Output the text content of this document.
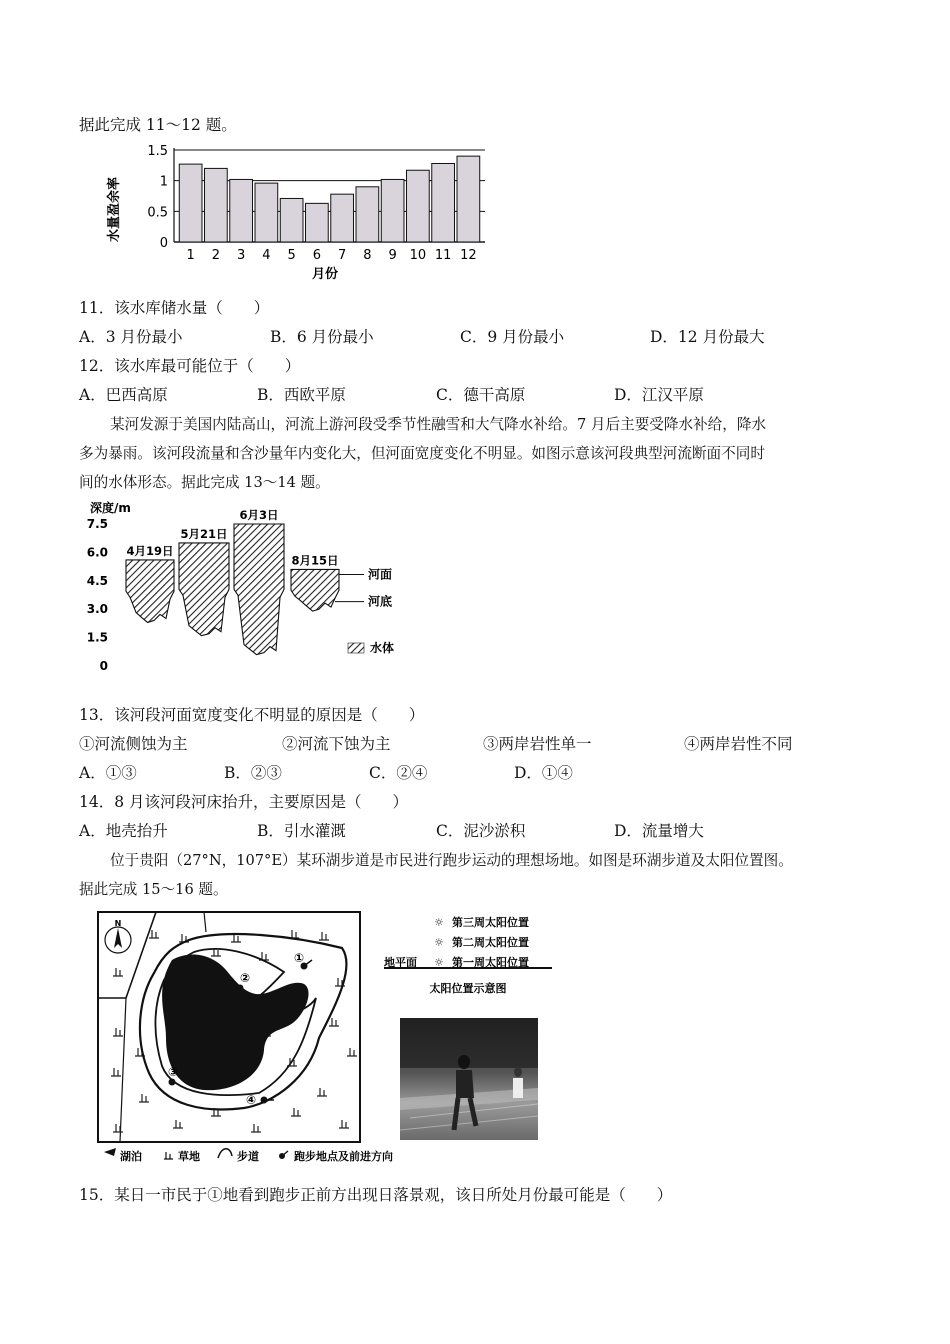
据此完成 11～12 题。
0
0.5
1
1.5
1 2 3 4 5 6 7 8 9 10 11 12
水量盈余率
月份
11．该水库储水量（　　）
A．3 月份最小	B．6 月份最小	C．9 月份最小	D．12 月份最大
12．该水库最可能位于（　　）
A．巴西高原	B．西欧平原	C．德干高原	D．江汉平原
某河发源于美国内陆高山，河流上游河段受季节性融雪和大气降水补给。7 月后主要受降水补给，降水
多为暴雨。该河段流量和含沙量年内变化大，但河面宽度变化不明显。如图示意该河段典型河流断面不同时
间的水体形态。据此完成 13～14 题。
深度/m
0
1.5
3.0
4.5
6.0
7.5
4月19日
5月21日
6月3日
8月15日
河面
河底
水体
13．该河段河面宽度变化不明显的原因是（　　）
①河流侧蚀为主	②河流下蚀为主	③两岸岩性单一	④两岸岩性不同
A．①③	B．②③	C．②④	D．①④
14．8 月该河段河床抬升，主要原因是（　　）
A．地壳抬升	B．引水灌溉	C．泥沙淤积	D．流量增大
位于贵阳（27°N，107°E）某环湖步道是市民进行跑步运动的理想场地。如图是环湖步道及太阳位置图。
据此完成 15～16 题。
N
①
②
③
④
湖泊	草地	步道	跑步地点及前进方向
☼ 第三周太阳位置
☼ 第二周太阳位置
☼ 第一周太阳位置
地平面
太阳位置示意图
15．某日一市民于①地看到跑步正前方出现日落景观，该日所处月份最可能是（　　）
